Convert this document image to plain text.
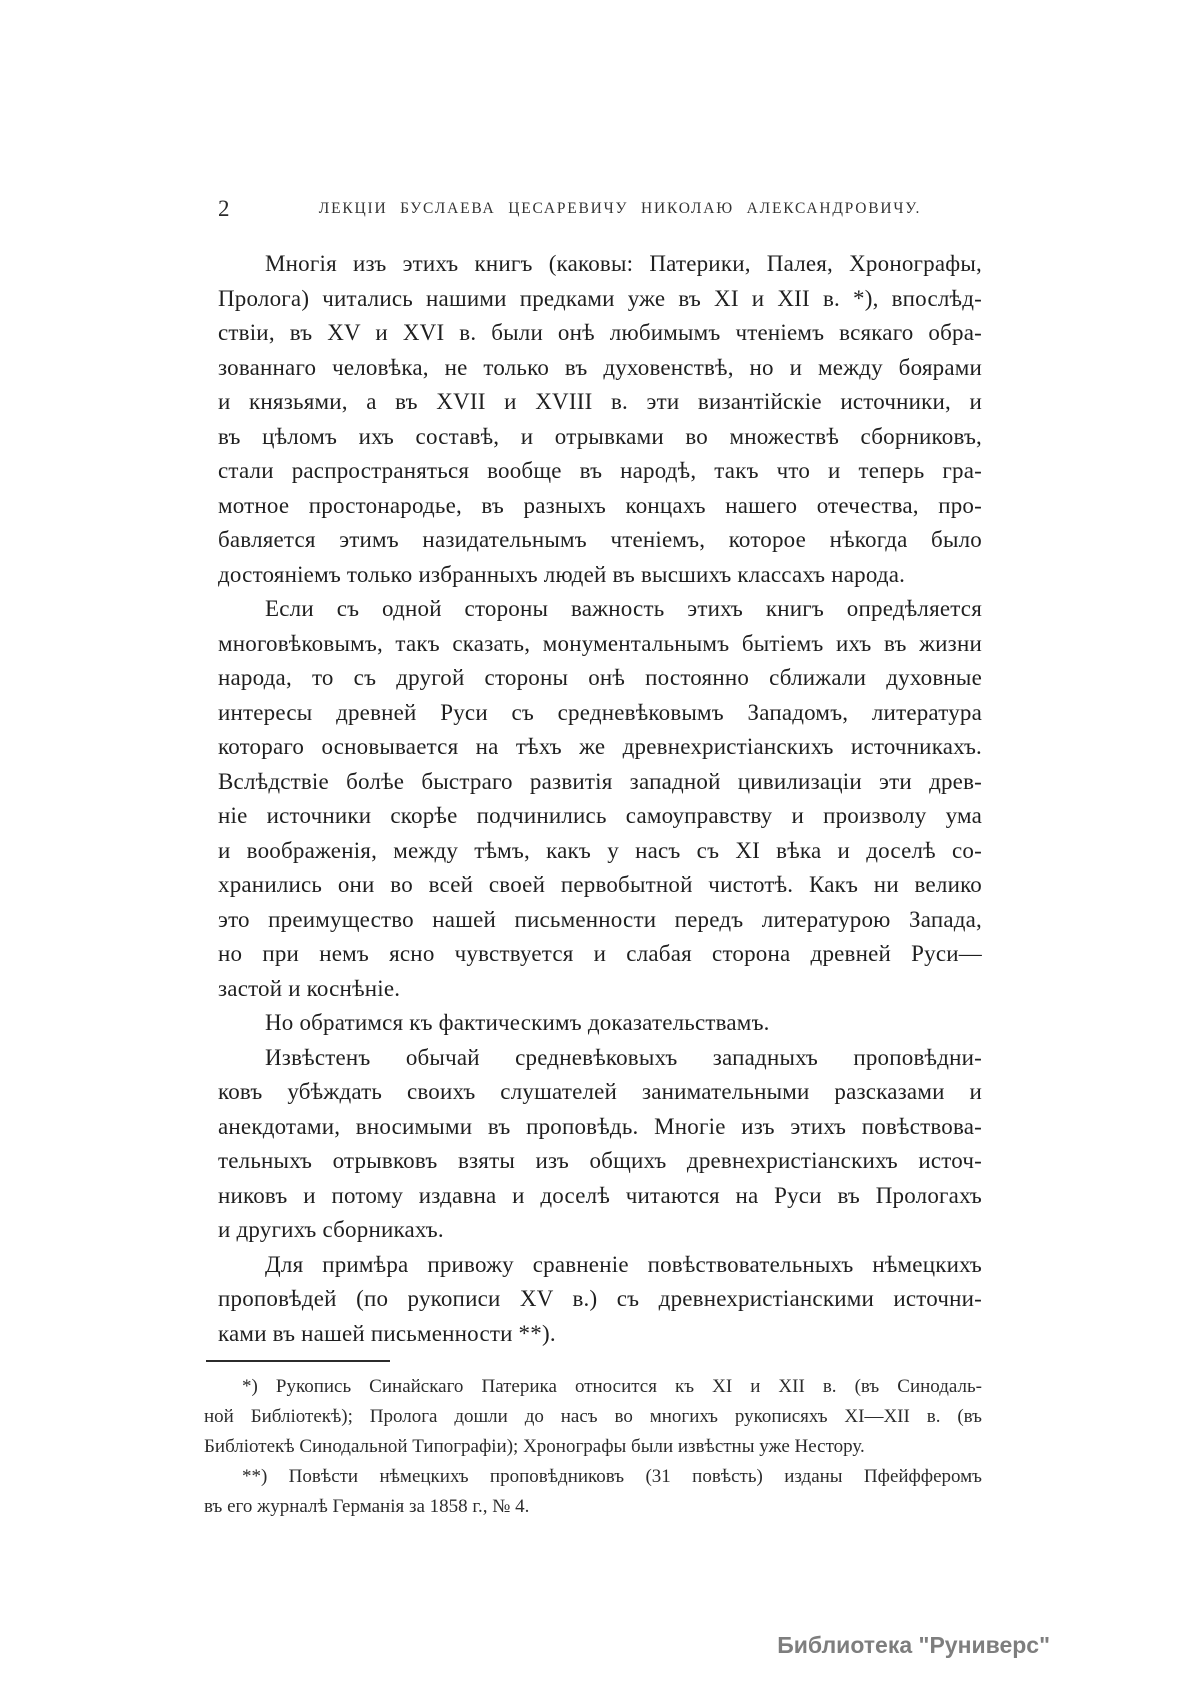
2	ЛЕКЦІИ БУСЛАЕВА ЦЕСАРЕВИЧУ НИКОЛАЮ АЛЕКСАНДРОВИЧУ.
Многія изъ этихъ книгъ (каковы: Патерики, Палея, Хронографы,
Пролога) читались нашими предками уже въ XI и XII в. *), впослѣд-
ствіи, въ XV и XVI в. были онѣ любимымъ чтеніемъ всякаго обра-
зованнаго человѣка, не только въ духовенствѣ, но и между боярами
и князьями, а въ XVII и XVIII в. эти византійскіе источники, и
въ цѣломъ ихъ составѣ, и отрывками во множествѣ сборниковъ,
стали распространяться вообще въ народѣ, такъ что и теперь гра-
мотное простонародье, въ разныхъ концахъ нашего отечества, про-
бавляется этимъ назидательнымъ чтеніемъ, которое нѣкогда было
достояніемъ только избранныхъ людей въ высшихъ классахъ народа.
Если съ одной стороны важность этихъ книгъ опредѣляется
многовѣковымъ, такъ сказать, монументальнымъ бытіемъ ихъ въ жизни
народа, то съ другой стороны онѣ постоянно сближали духовные
интересы древней Руси съ средневѣковымъ Западомъ, литература
котораго основывается на тѣхъ же древнехристіанскихъ источникахъ.
Вслѣдствіе болѣе быстраго развитія западной цивилизаціи эти древ-
ніе источники скорѣе подчинились самоуправству и произволу ума
и воображенія, между тѣмъ, какъ у насъ съ XI вѣка и доселѣ со-
хранились они во всей своей первобытной чистотѣ. Какъ ни велико
это преимущество нашей письменности передъ литературою Запада,
но при немъ ясно чувствуется и слабая сторона древней Руси—
застой и коснѣніе.
Но обратимся къ фактическимъ доказательствамъ.
Извѣстенъ обычай средневѣковыхъ западныхъ проповѣдни-
ковъ убѣждать своихъ слушателей занимательными разсказами и
анекдотами, вносимыми въ проповѣдь. Многіе изъ этихъ повѣствова-
тельныхъ отрывковъ взяты изъ общихъ древнехристіанскихъ источ-
никовъ и потому издавна и доселѣ читаются на Руси въ Прологахъ
и другихъ сборникахъ.
Для примѣра привожу сравненіе повѣствовательныхъ нѣмецкихъ
проповѣдей (по рукописи XV в.) съ древнехристіанскими источни-
ками въ нашей письменности **).
*) Рукопись Синайскаго Патерика относится къ XI и XII в. (въ Синодаль-
ной Библіотекѣ); Пролога дошли до насъ во многихъ рукописяхъ XI—XII в. (въ
Библіотекѣ Синодальной Типографіи); Хронографы были извѣстны уже Нестору.
**) Повѣсти нѣмецкихъ проповѣдниковъ (31 повѣсть) изданы Пфейфферомъ
въ его журналѣ Германія за 1858 г., № 4.
Библиотека "Руниверс"
